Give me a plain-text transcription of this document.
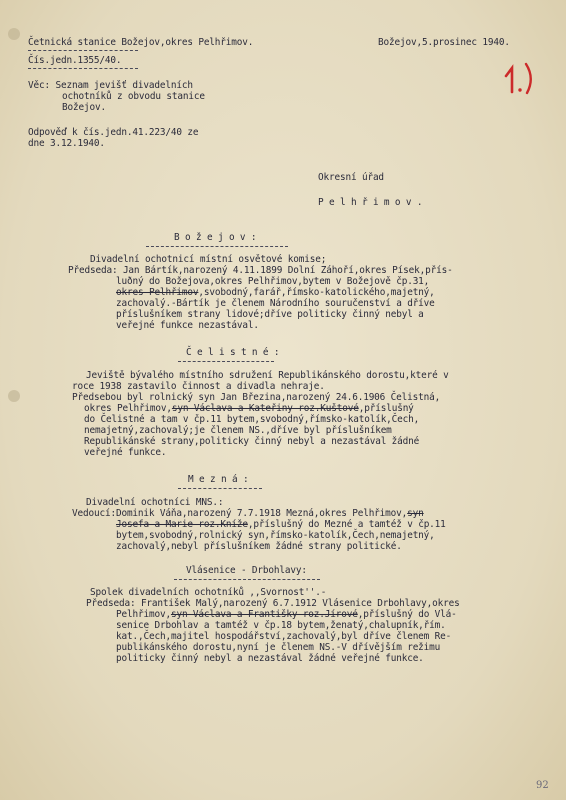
Četnická stanice Božejov,okres Pelhřimov.	Božejov,5.prosinec 1940.
Čís.jedn.1355/40.
Věc: Seznam jevišť divadelních
ochotníků z obvodu stanice
Božejov.
Odpověď k čís.jedn.41.223/40 ze
dne 3.12.1940.
Okresní úřad
P e l h ř i m o v .
B o ž e j o v :
Divadelní ochotnicí místní osvětové komise;
Předseda: Jan Bártík,narozený 4.11.1899 Dolní Záhoří,okres Písek,přís-
luðný do Božejova,okres Pelhřimov,bytem v Božejově čp.31,
okres Pelhřimov,svobodný,farář,římsko-katolického,majetný,
zachovalý.-Bártík je členem Národního souručenství a dříve
příslušníkem strany lidové;dříve politicky činný nebyl a
veřejné funkce nezastával.
Č e l i s t n é :
Jeviště bývalého místního sdružení Republikánského dorostu,které v
roce 1938 zastavilo činnost a divadla nehraje.
Předsebou byl rolnický syn Jan Březina,narozený 24.6.1906 Čelistná,
okres Pelhřimov,syn Václava a Kateřiny roz.Kuštové,příslušný
do Čelistné a tam v čp.11 bytem,svobodný,římsko-katolík,Čech,
nemajetný,zachovalý;je členem NS.,dříve byl příslušníkem
Republikánské strany,politicky činný nebyl a nezastával žádné
veřejné funkce.
M e z n á :
Divadelní ochotníci MNS.:
Vedoucí:Dominik Váňa,narozený 7.7.1918 Mezná,okres Pelhřimov,syn
Josefa a Marie roz.Kníže,příslušný do Mezné a tamtéž v čp.11
bytem,svobodný,rolnický syn,římsko-katolík,Čech,nemajetný,
zachovalý,nebyl příslušníkem žádné strany politické.
Vlásenice - Drbohlavy:
Spolek divadelních ochotníků ,,Svornost''.-
Předseda: František Malý,narozený 6.7.1912 Vlásenice Drbohlavy,okres
Pelhřimov,syn Václava a Františky roz.Jírové,příslušný do Vlá-
senice Drbohlav a tamtéž v čp.18 bytem,ženatý,chalupník,řím.
kat.,Čech,majitel hospodářství,zachovalý,byl dříve členem Re-
publikánského dorostu,nyní je členem NS.-V dřívějším režimu
politicky činný nebyl a nezastával žádné veřejné funkce.
92
